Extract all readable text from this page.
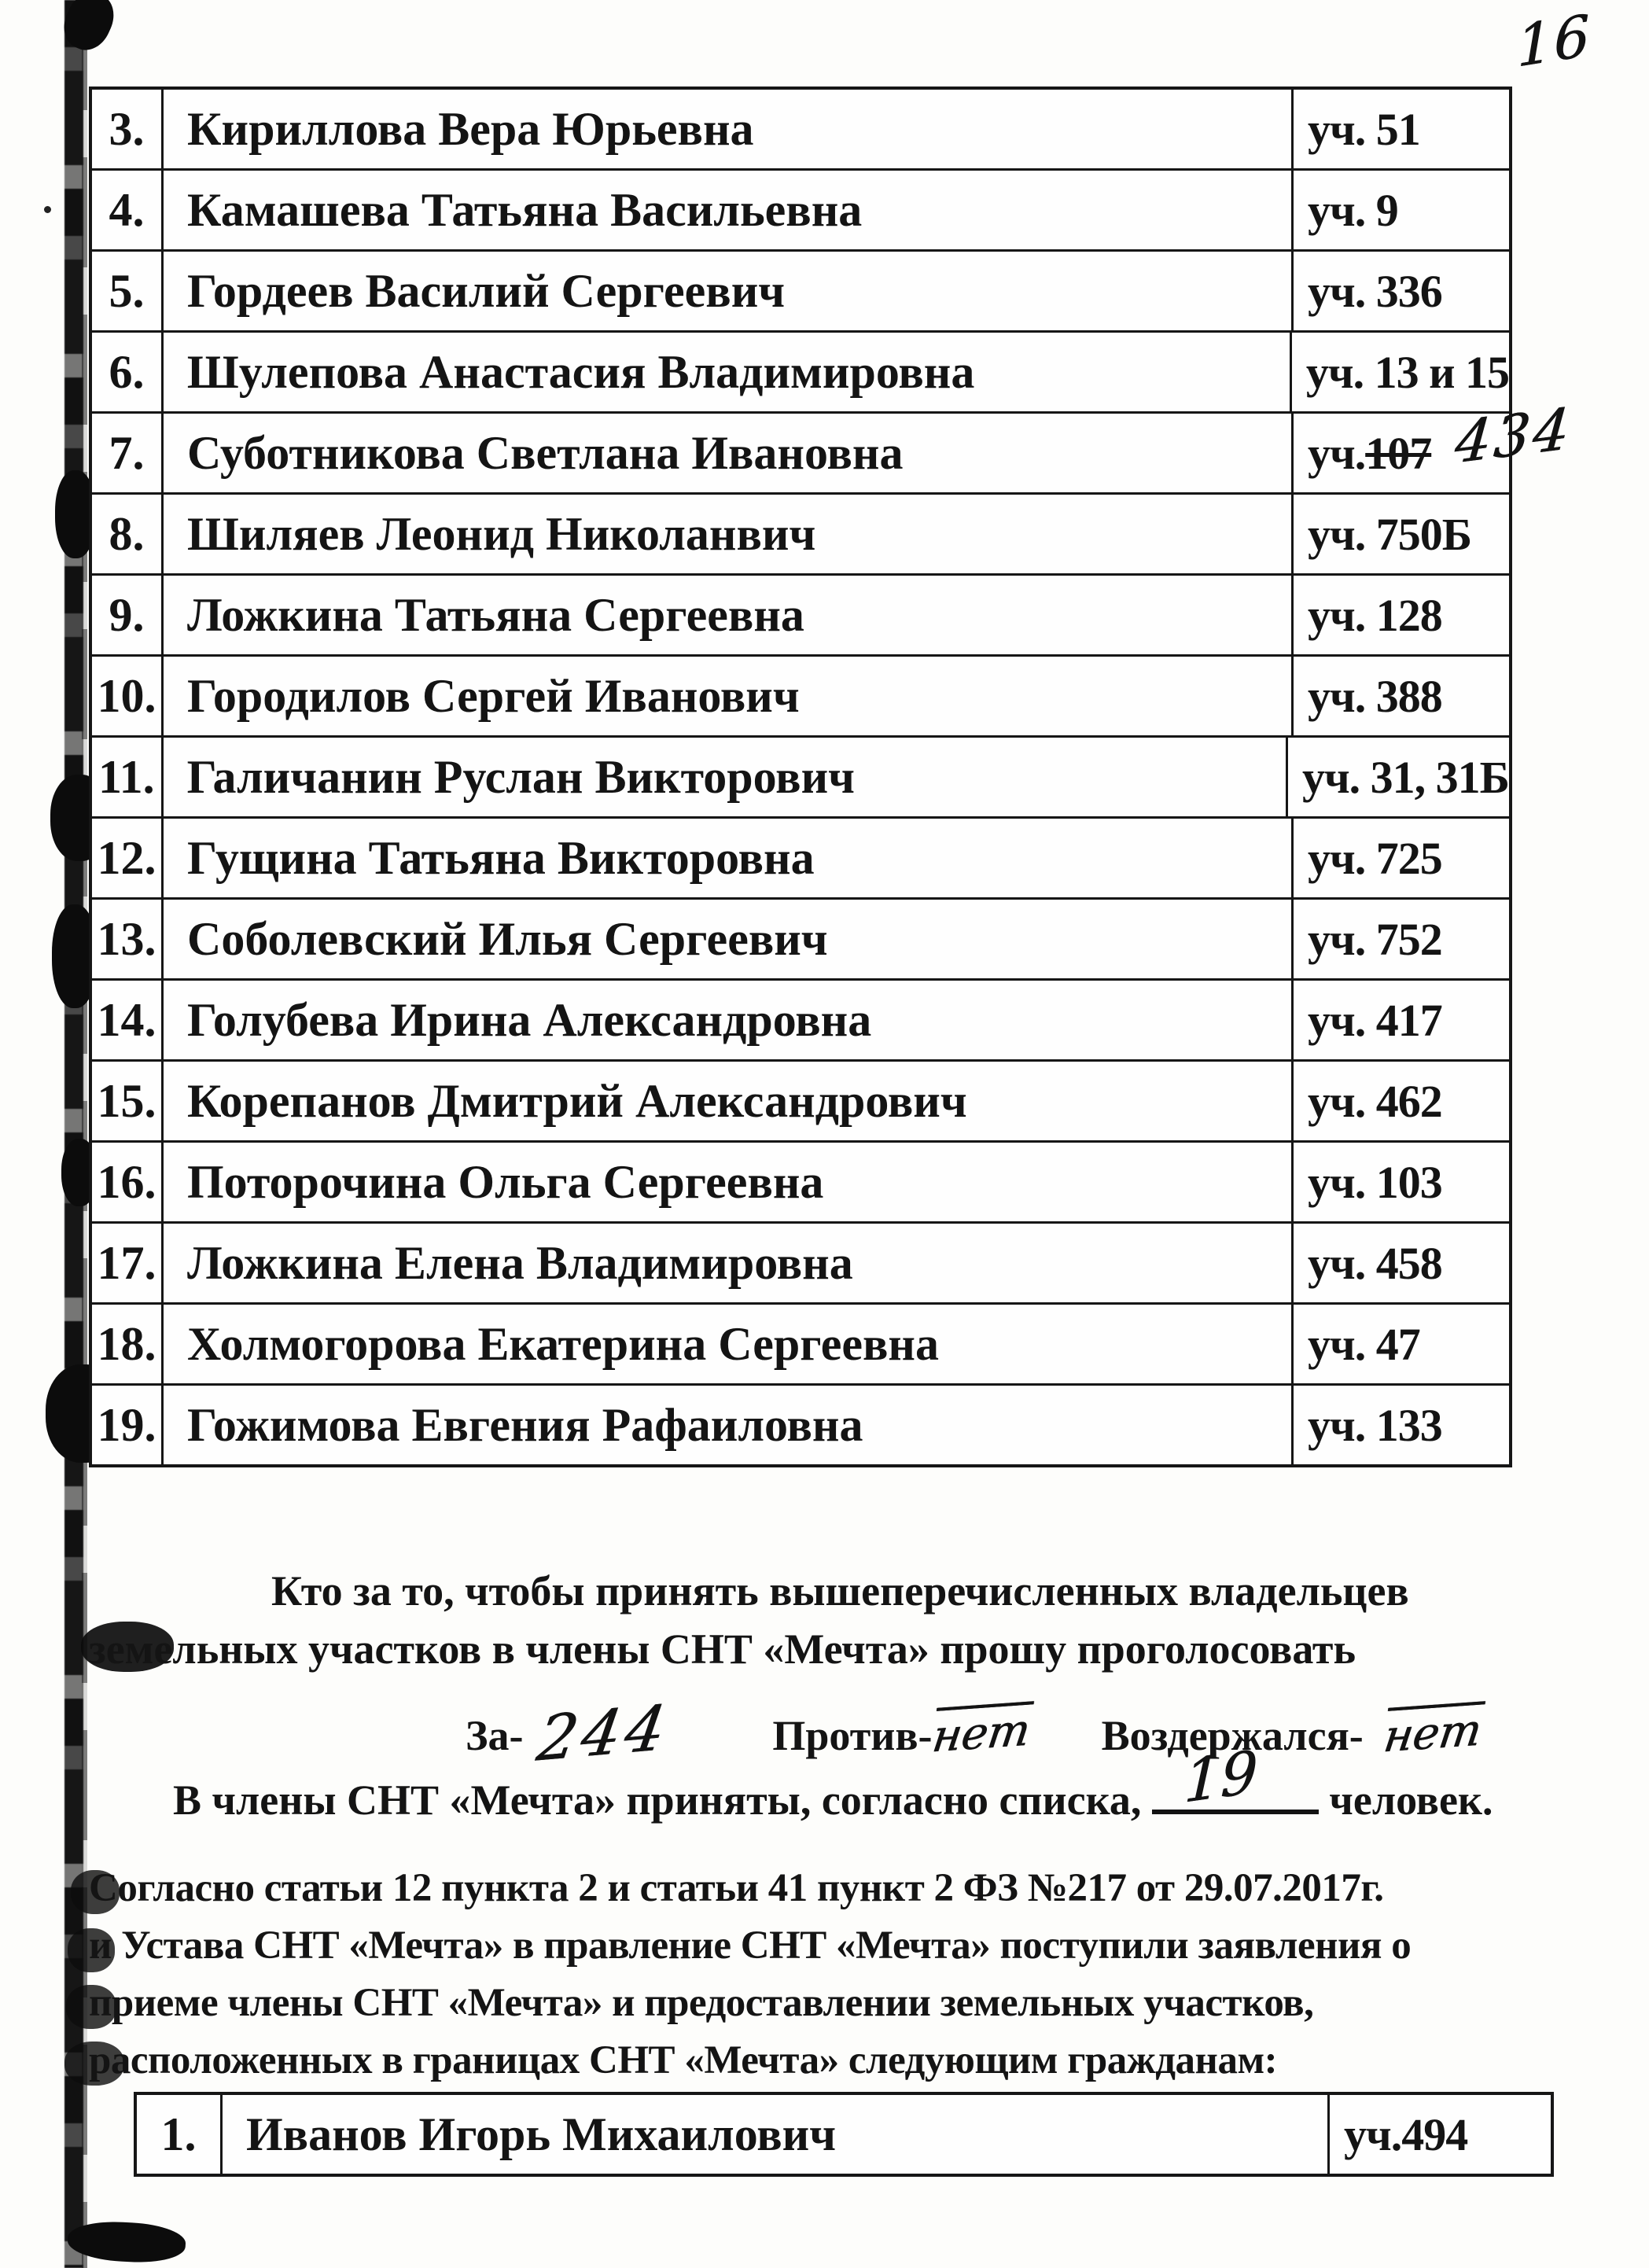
16
3. Кириллова Вера Юрьевна	уч. 51
4. Камашева Татьяна Васильевна	уч. 9
5. Гордеев Василий Сергеевич	уч. 336
6. Шулепова Анастасия Владимировна	уч. 13 и 15
7. Суботникова Светлана Ивановна	уч. 107 434
8. Шиляев Леонид Николанвич	уч. 750Б
9. Ложкина Татьяна Сергеевна	уч. 128
10. Городилов Сергей Иванович	уч. 388
11. Галичанин Руслан Викторович	уч. 31, 31Б
12. Гущина Татьяна Викторовна	уч. 725
13. Соболевский Илья Сергеевич	уч. 752
14. Голубева Ирина Александровна	уч. 417
15. Корепанов Дмитрий Александрович	уч. 462
16. Поторочина Ольга Сергеевна	уч. 103
17. Ложкина Елена Владимировна	уч. 458
18. Холмогорова Екатерина Сергеевна	уч. 47
19. Гожимова Евгения Рафаиловна	уч. 133
Кто за то, чтобы принять вышеперечисленных владельцев
земельных участков в члены СНТ «Мечта» прошу проголосовать
За- 244 Против-нет Воздержался- нет
В члены СНТ «Мечта» приняты, согласно списка, 19 человек.
Согласно статьи 12 пункта 2 и статьи 41 пункт 2 ФЗ №217 от 29.07.2017г.
и Устава СНТ «Мечта» в правление СНТ «Мечта» поступили заявления о
приеме члены СНТ «Мечта» и предоставлении земельных участков,
расположенных в границах СНТ «Мечта» следующим гражданам:
1.	Иванов Игорь Михаилович	уч.494
